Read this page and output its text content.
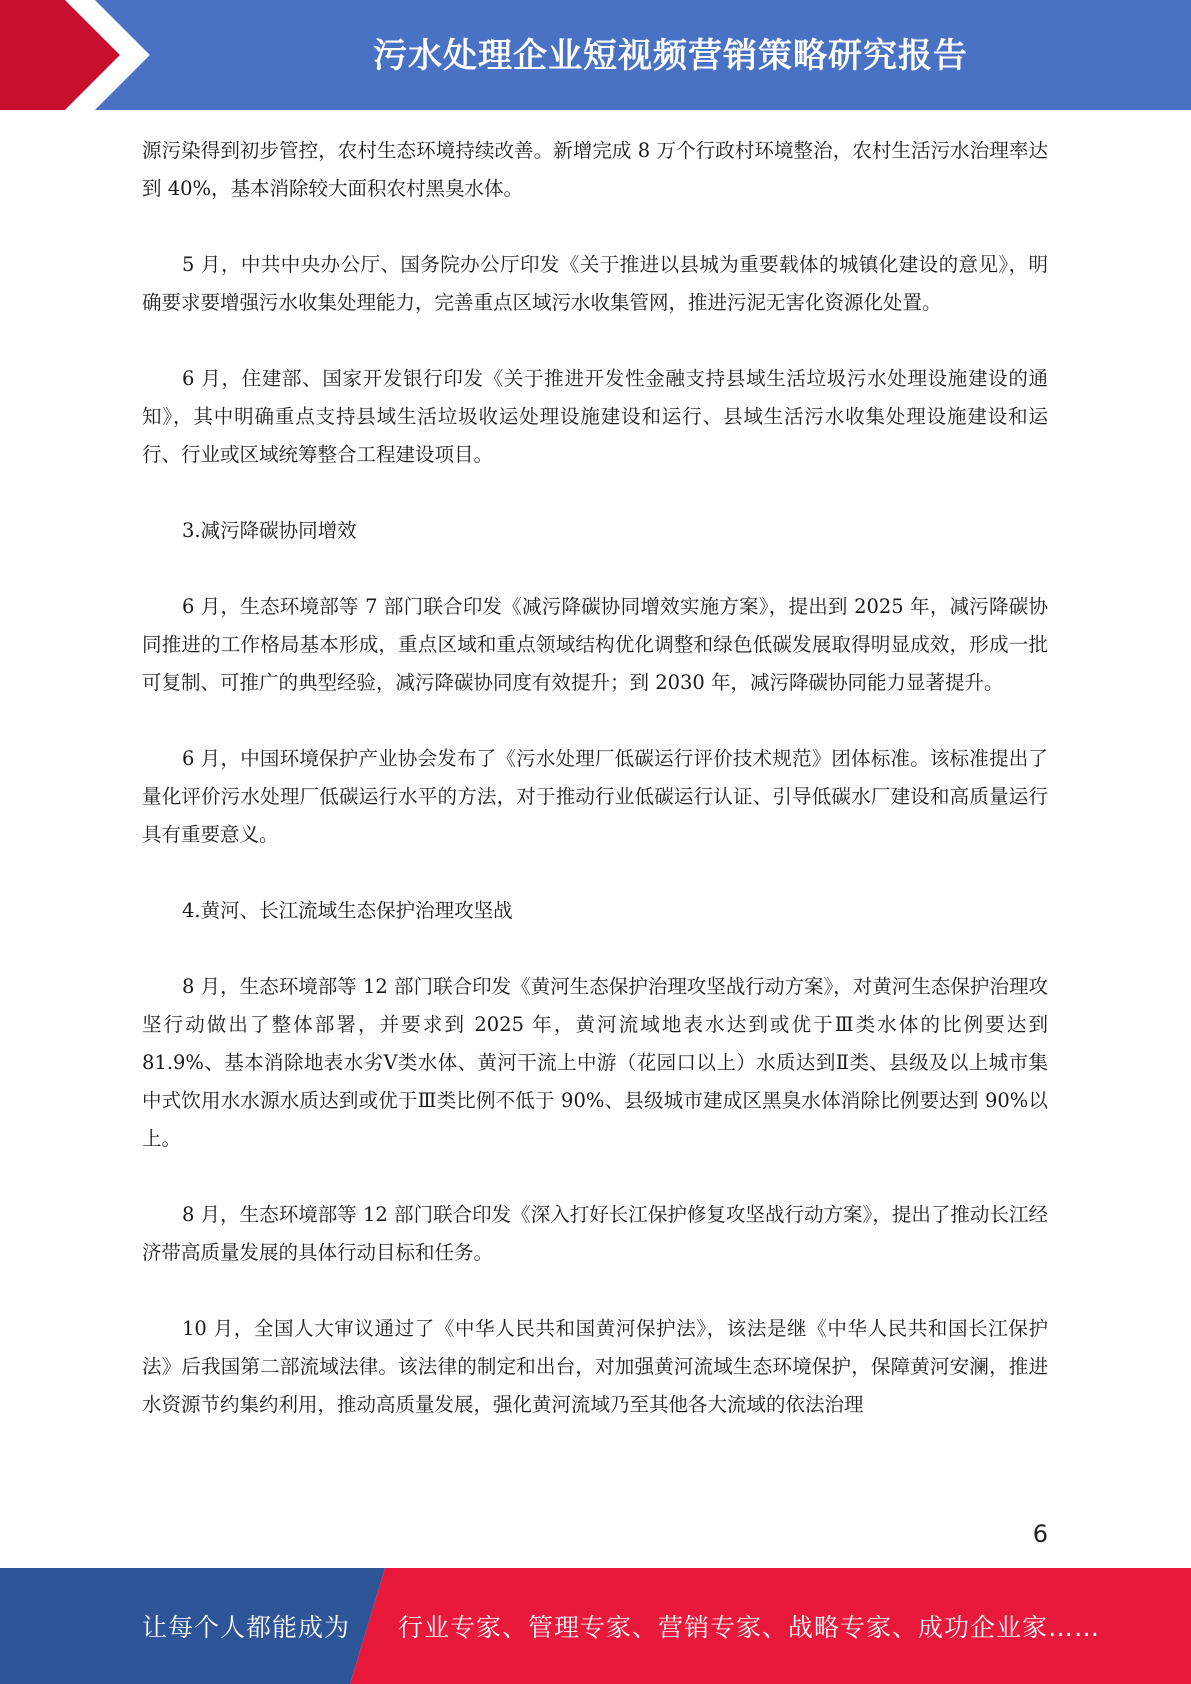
污水处理企业短视频营销策略研究报告

源污染得到初步管控，农村生态环境持续改善。新增完成 8 万个行政村环境整治，农村生活污水治理率达到 40%，基本消除较大面积农村黑臭水体。

5 月，中共中央办公厅、国务院办公厅印发《关于推进以县城为重要载体的城镇化建设的意见》，明确要求要增强污水收集处理能力，完善重点区域污水收集管网，推进污泥无害化资源化处置。

6 月，住建部、国家开发银行印发《关于推进开发性金融支持县域生活垃圾污水处理设施建设的通知》，其中明确重点支持县域生活垃圾收运处理设施建设和运行、县域生活污水收集处理设施建设和运行、行业或区域统筹整合工程建设项目。

3.减污降碳协同增效

6 月，生态环境部等 7 部门联合印发《减污降碳协同增效实施方案》，提出到 2025 年，减污降碳协同推进的工作格局基本形成，重点区域和重点领域结构优化调整和绿色低碳发展取得明显成效，形成一批可复制、可推广的典型经验，减污降碳协同度有效提升；到 2030 年，减污降碳协同能力显著提升。

6 月，中国环境保护产业协会发布了《污水处理厂低碳运行评价技术规范》团体标准。该标准提出了量化评价污水处理厂低碳运行水平的方法，对于推动行业低碳运行认证、引导低碳水厂建设和高质量运行具有重要意义。

4.黄河、长江流域生态保护治理攻坚战

8 月，生态环境部等 12 部门联合印发《黄河生态保护治理攻坚战行动方案》，对黄河生态保护治理攻坚行动做出了整体部署，并要求到 2025 年，黄河流域地表水达到或优于Ⅲ类水体的比例要达到 81.9%、基本消除地表水劣Ⅴ类水体、黄河干流上中游（花园口以上）水质达到Ⅱ类、县级及以上城市集中式饮用水水源水质达到或优于Ⅲ类比例不低于 90%、县级城市建成区黑臭水体消除比例要达到 90%以上。

8 月，生态环境部等 12 部门联合印发《深入打好长江保护修复攻坚战行动方案》，提出了推动长江经济带高质量发展的具体行动目标和任务。

10 月，全国人大审议通过了《中华人民共和国黄河保护法》，该法是继《中华人民共和国长江保护法》后我国第二部流域法律。该法律的制定和出台，对加强黄河流域生态环境保护，保障黄河安澜，推进水资源节约集约利用，推动高质量发展，强化黄河流域乃至其他各大流域的依法治理

6
让每个人都能成为 行业专家、管理专家、营销专家、战略专家、成功企业家……
